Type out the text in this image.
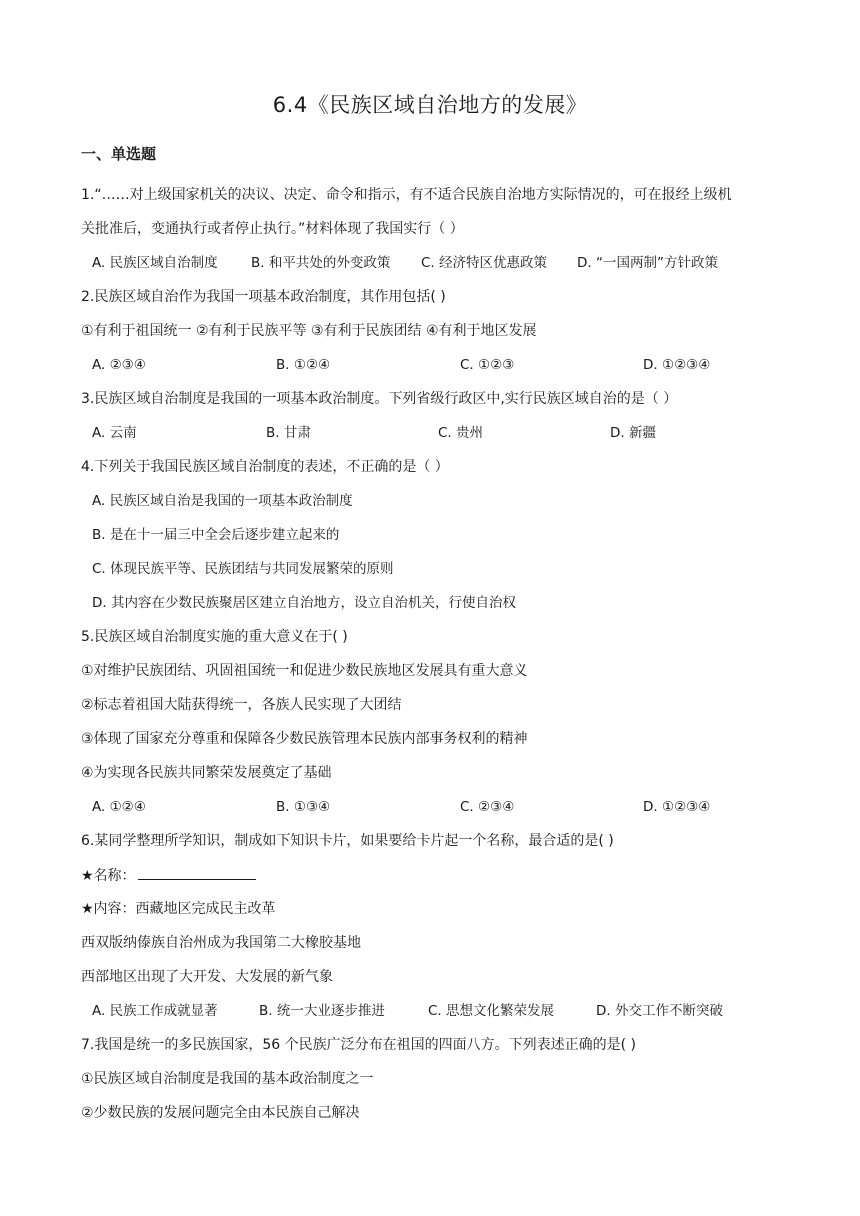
6.4《民族区域自治地方的发展》
一、单选题
1.“……对上级国家机关的决议、决定、命令和指示，有不适合民族自治地方实际情况的，可在报经上级机
关批准后，变通执行或者停止执行。”材料体现了我国实行（ ）
A. 民族区域自治制度 B. 和平共处的外变政策 C. 经济特区优惠政策 D. “一国两制”方针政策
2.民族区域自治作为我国一项基本政治制度，其作用包括( )
①有利于祖国统一 ②有利于民族平等 ③有利于民族团结 ④有利于地区发展
A. ②③④	B. ①②④	C. ①②③	D. ①②③④
3.民族区域自治制度是我国的一项基本政治制度。下列省级行政区中,实行民族区域自治的是（ ）
A. 云南	B. 甘肃	C. 贵州	D. 新疆
4.下列关于我国民族区域自治制度的表述，不正确的是（ ）
A. 民族区域自治是我国的一项基本政治制度
B. 是在十一届三中全会后逐步建立起来的
C. 体现民族平等、民族团结与共同发展繁荣的原则
D. 其内容在少数民族聚居区建立自治地方，设立自治机关，行使自治权
5.民族区域自治制度实施的重大意义在于( )
①对维护民族团结、巩固祖国统一和促进少数民族地区发展具有重大意义
②标志着祖国大陆获得统一，各族人民实现了大团结
③体现了国家充分尊重和保障各少数民族管理本民族内部事务权利的精神
④为实现各民族共同繁荣发展奠定了基础
A. ①②④	B. ①③④	C. ②③④	D. ①②③④
6.某同学整理所学知识，制成如下知识卡片，如果要给卡片起一个名称，最合适的是( )
★名称：
★内容：西藏地区完成民主改革
西双版纳傣族自治州成为我国第二大橡胶基地
西部地区出现了大开发、大发展的新气象
A. 民族工作成就显著	B. 统一大业逐步推进	C. 思想文化繁荣发展	D. 外交工作不断突破
7.我国是统一的多民族国家，56 个民族广泛分布在祖国的四面八方。下列表述正确的是( )
①民族区域自治制度是我国的基本政治制度之一
②少数民族的发展问题完全由本民族自己解决
